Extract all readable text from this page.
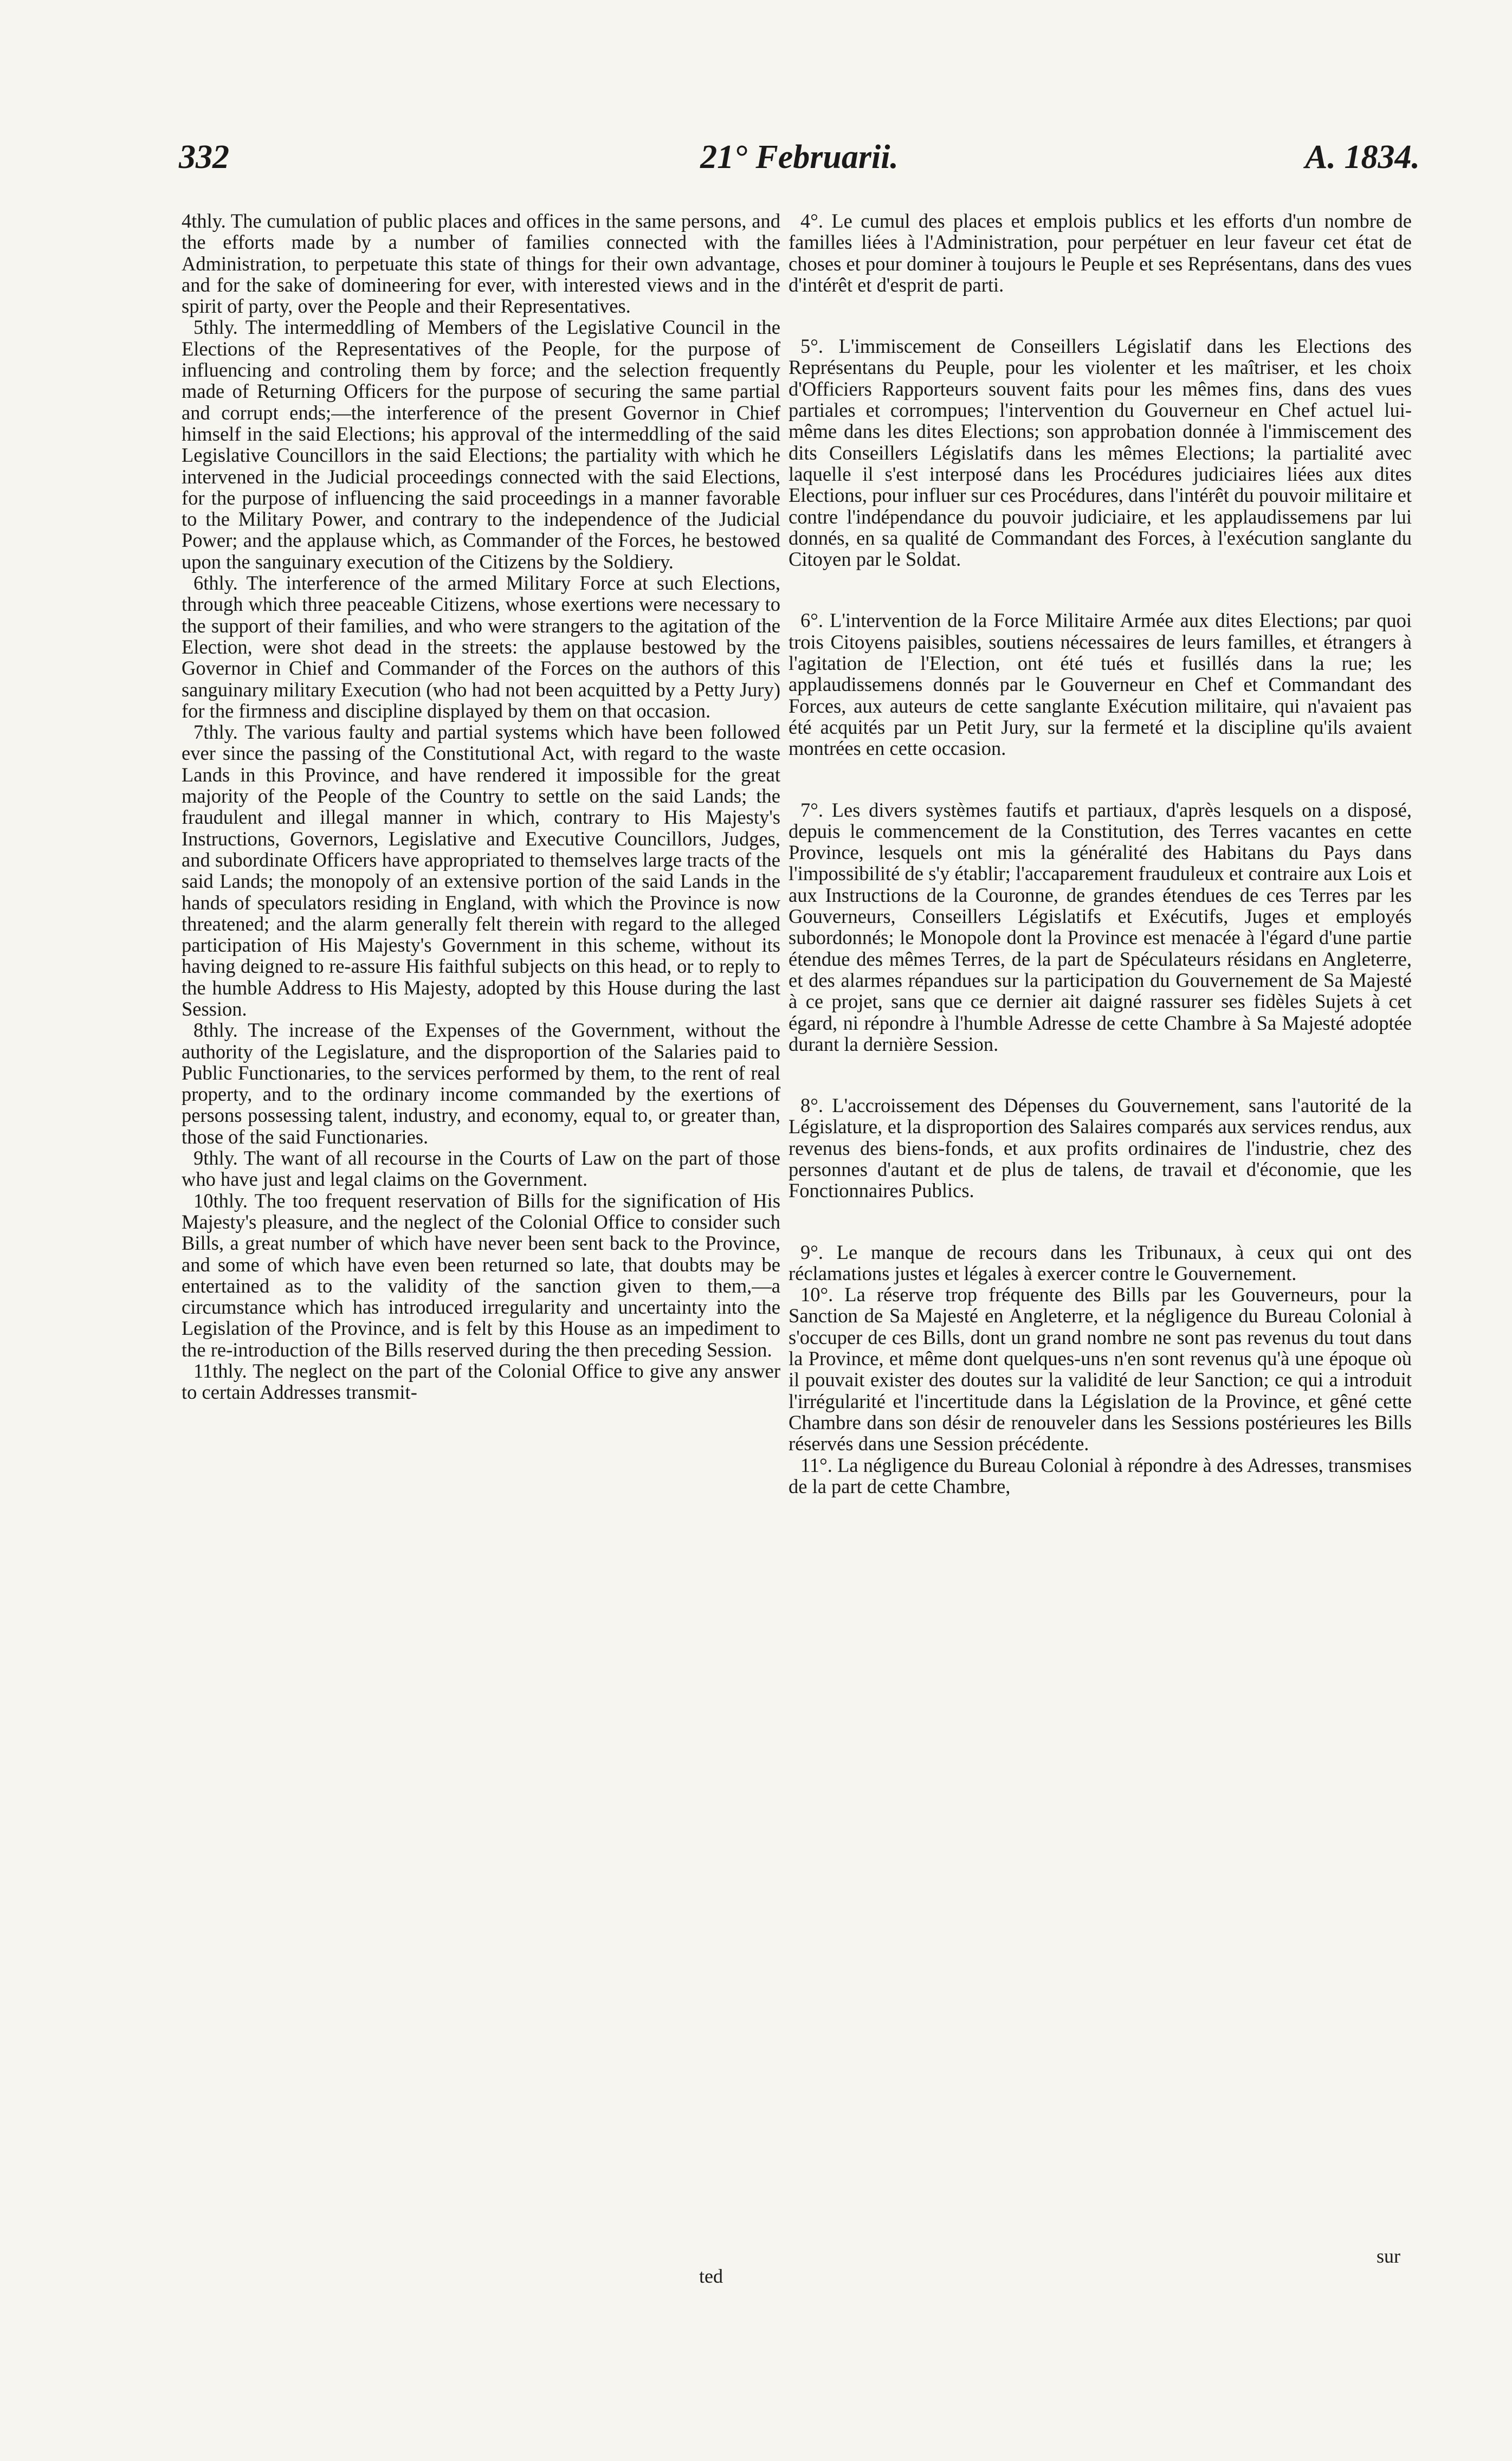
332	21° Februarii.	A. 1834.

4thly. The cumulation of public places and offices in the same persons, and the efforts made by a number of families connected with the Administration, to perpetuate this state of things for their own advantage, and for the sake of domineering for ever, with interested views and in the spirit of party, over the People and their Representatives.

5thly. The intermeddling of Members of the Legislative Council in the Elections of the Representatives of the People, for the purpose of influencing and controling them by force; and the selection frequently made of Returning Officers for the purpose of securing the same partial and corrupt ends;—the interference of the present Governor in Chief himself in the said Elections; his approval of the intermeddling of the said Legislative Councillors in the said Elections; the partiality with which he intervened in the Judicial proceedings connected with the said Elections, for the purpose of influencing the said proceedings in a manner favorable to the Military Power, and contrary to the independence of the Judicial Power; and the applause which, as Commander of the Forces, he bestowed upon the sanguinary execution of the Citizens by the Soldiery.

6thly. The interference of the armed Military Force at such Elections, through which three peaceable Citizens, whose exertions were necessary to the support of their families, and who were strangers to the agitation of the Election, were shot dead in the streets: the applause bestowed by the Governor in Chief and Commander of the Forces on the authors of this sanguinary military Execution (who had not been acquitted by a Petty Jury) for the firmness and discipline displayed by them on that occasion.

7thly. The various faulty and partial systems which have been followed ever since the passing of the Constitutional Act, with regard to the waste Lands in this Province, and have rendered it impossible for the great majority of the People of the Country to settle on the said Lands; the fraudulent and illegal manner in which, contrary to His Majesty's Instructions, Governors, Legislative and Executive Councillors, Judges, and subordinate Officers have appropriated to themselves large tracts of the said Lands; the monopoly of an extensive portion of the said Lands in the hands of speculators residing in England, with which the Province is now threatened; and the alarm generally felt therein with regard to the alleged participation of His Majesty's Government in this scheme, without its having deigned to re-assure His faithful subjects on this head, or to reply to the humble Address to His Majesty, adopted by this House during the last Session.

8thly. The increase of the Expenses of the Government, without the authority of the Legislature, and the disproportion of the Salaries paid to Public Functionaries, to the services performed by them, to the rent of real property, and to the ordinary income commanded by the exertions of persons possessing talent, industry, and economy, equal to, or greater than, those of the said Functionaries.

9thly. The want of all recourse in the Courts of Law on the part of those who have just and legal claims on the Government.

10thly. The too frequent reservation of Bills for the signification of His Majesty's pleasure, and the neglect of the Colonial Office to consider such Bills, a great number of which have never been sent back to the Province, and some of which have even been returned so late, that doubts may be entertained as to the validity of the sanction given to them,—a circumstance which has introduced irregularity and uncertainty into the Legislation of the Province, and is felt by this House as an impediment to the re-introduction of the Bills reserved during the then preceding Session.

11thly. The neglect on the part of the Colonial Office to give any answer to certain Addresses transmit-

4°. Le cumul des places et emplois publics et les efforts d'un nombre de familles liées à l'Administration, pour perpétuer en leur faveur cet état de choses et pour dominer à toujours le Peuple et ses Représentans, dans des vues d'intérêt et d'esprit de parti.

5°. L'immiscement de Conseillers Législatif dans les Elections des Représentans du Peuple, pour les violenter et les maîtriser, et les choix d'Officiers Rapporteurs souvent faits pour les mêmes fins, dans des vues partiales et corrompues; l'intervention du Gouverneur en Chef actuel lui-même dans les dites Elections; son approbation donnée à l'immiscement des dits Conseillers Législatifs dans les mêmes Elections; la partialité avec laquelle il s'est interposé dans les Procédures judiciaires liées aux dites Elections, pour influer sur ces Procédures, dans l'intérêt du pouvoir militaire et contre l'indépendance du pouvoir judiciaire, et les applaudissemens par lui donnés, en sa qualité de Commandant des Forces, à l'exécution sanglante du Citoyen par le Soldat.

6°. L'intervention de la Force Militaire Armée aux dites Elections; par quoi trois Citoyens paisibles, soutiens nécessaires de leurs familles, et étrangers à l'agitation de l'Election, ont été tués et fusillés dans la rue; les applaudissemens donnés par le Gouverneur en Chef et Commandant des Forces, aux auteurs de cette sanglante Exécution militaire, qui n'avaient pas été acquités par un Petit Jury, sur la fermeté et la discipline qu'ils avaient montrées en cette occasion.

7°. Les divers systèmes fautifs et partiaux, d'après lesquels on a disposé, depuis le commencement de la Constitution, des Terres vacantes en cette Province, lesquels ont mis la généralité des Habitans du Pays dans l'impossibilité de s'y établir; l'accaparement frauduleux et contraire aux Lois et aux Instructions de la Couronne, de grandes étendues de ces Terres par les Gouverneurs, Conseillers Législatifs et Exécutifs, Juges et employés subordonnés; le Monopole dont la Province est menacée à l'égard d'une partie étendue des mêmes Terres, de la part de Spéculateurs résidans en Angleterre, et des alarmes répandues sur la participation du Gouvernement de Sa Majesté à ce projet, sans que ce dernier ait daigné rassurer ses fidèles Sujets à cet égard, ni répondre à l'humble Adresse de cette Chambre à Sa Majesté adoptée durant la dernière Session.

8°. L'accroissement des Dépenses du Gouvernement, sans l'autorité de la Législature, et la disproportion des Salaires comparés aux services rendus, aux revenus des biens-fonds, et aux profits ordinaires de l'industrie, chez des personnes d'autant et de plus de talens, de travail et d'économie, que les Fonctionnaires Publics.

9°. Le manque de recours dans les Tribunaux, à ceux qui ont des réclamations justes et légales à exercer contre le Gouvernement.

10°. La réserve trop fréquente des Bills par les Gouverneurs, pour la Sanction de Sa Majesté en Angleterre, et la négligence du Bureau Colonial à s'occuper de ces Bills, dont un grand nombre ne sont pas revenus du tout dans la Province, et même dont quelques-uns n'en sont revenus qu'à une époque où il pouvait exister des doutes sur la validité de leur Sanction; ce qui a introduit l'irrégularité et l'incertitude dans la Législation de la Province, et gêné cette Chambre dans son désir de renouveler dans les Sessions postérieures les Bills réservés dans une Session précédente.

11°. La négligence du Bureau Colonial à répondre à des Adresses, transmises de la part de cette Chambre,

ted
sur
